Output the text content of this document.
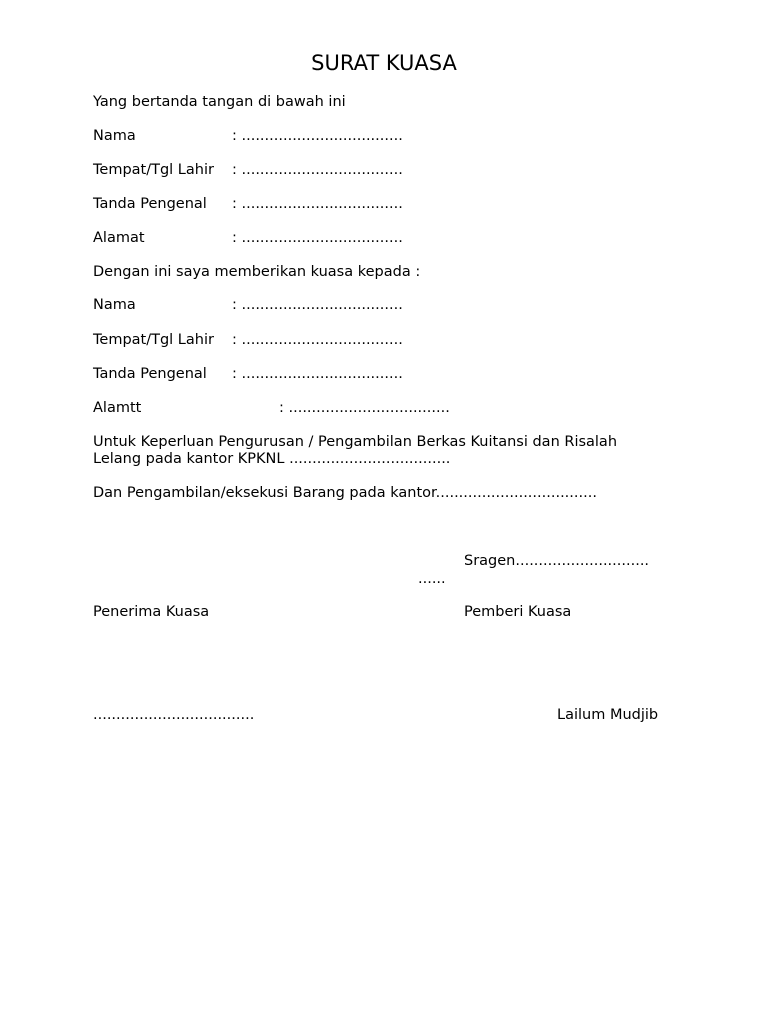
SURAT KUASA
Yang bertanda tangan di bawah ini
Nama	: ...................................
Tempat/Tgl Lahir : ...................................
Tanda Pengenal : ...................................
Alamat	: ...................................
Dengan ini saya memberikan kuasa kepada :
Nama	: ...................................
Tempat/Tgl Lahir : ...................................
Tanda Pengenal : ...................................
Alamtt	: ...................................
Untuk Keperluan Pengurusan / Pengambilan Berkas Kuitansi dan Risalah
Lelang pada kantor KPKNL ...................................
Dan Pengambilan/eksekusi Barang pada kantor...................................
Sragen.............................
......
Penerima Kuasa	Pemberi Kuasa
...................................	Lailum Mudjib
